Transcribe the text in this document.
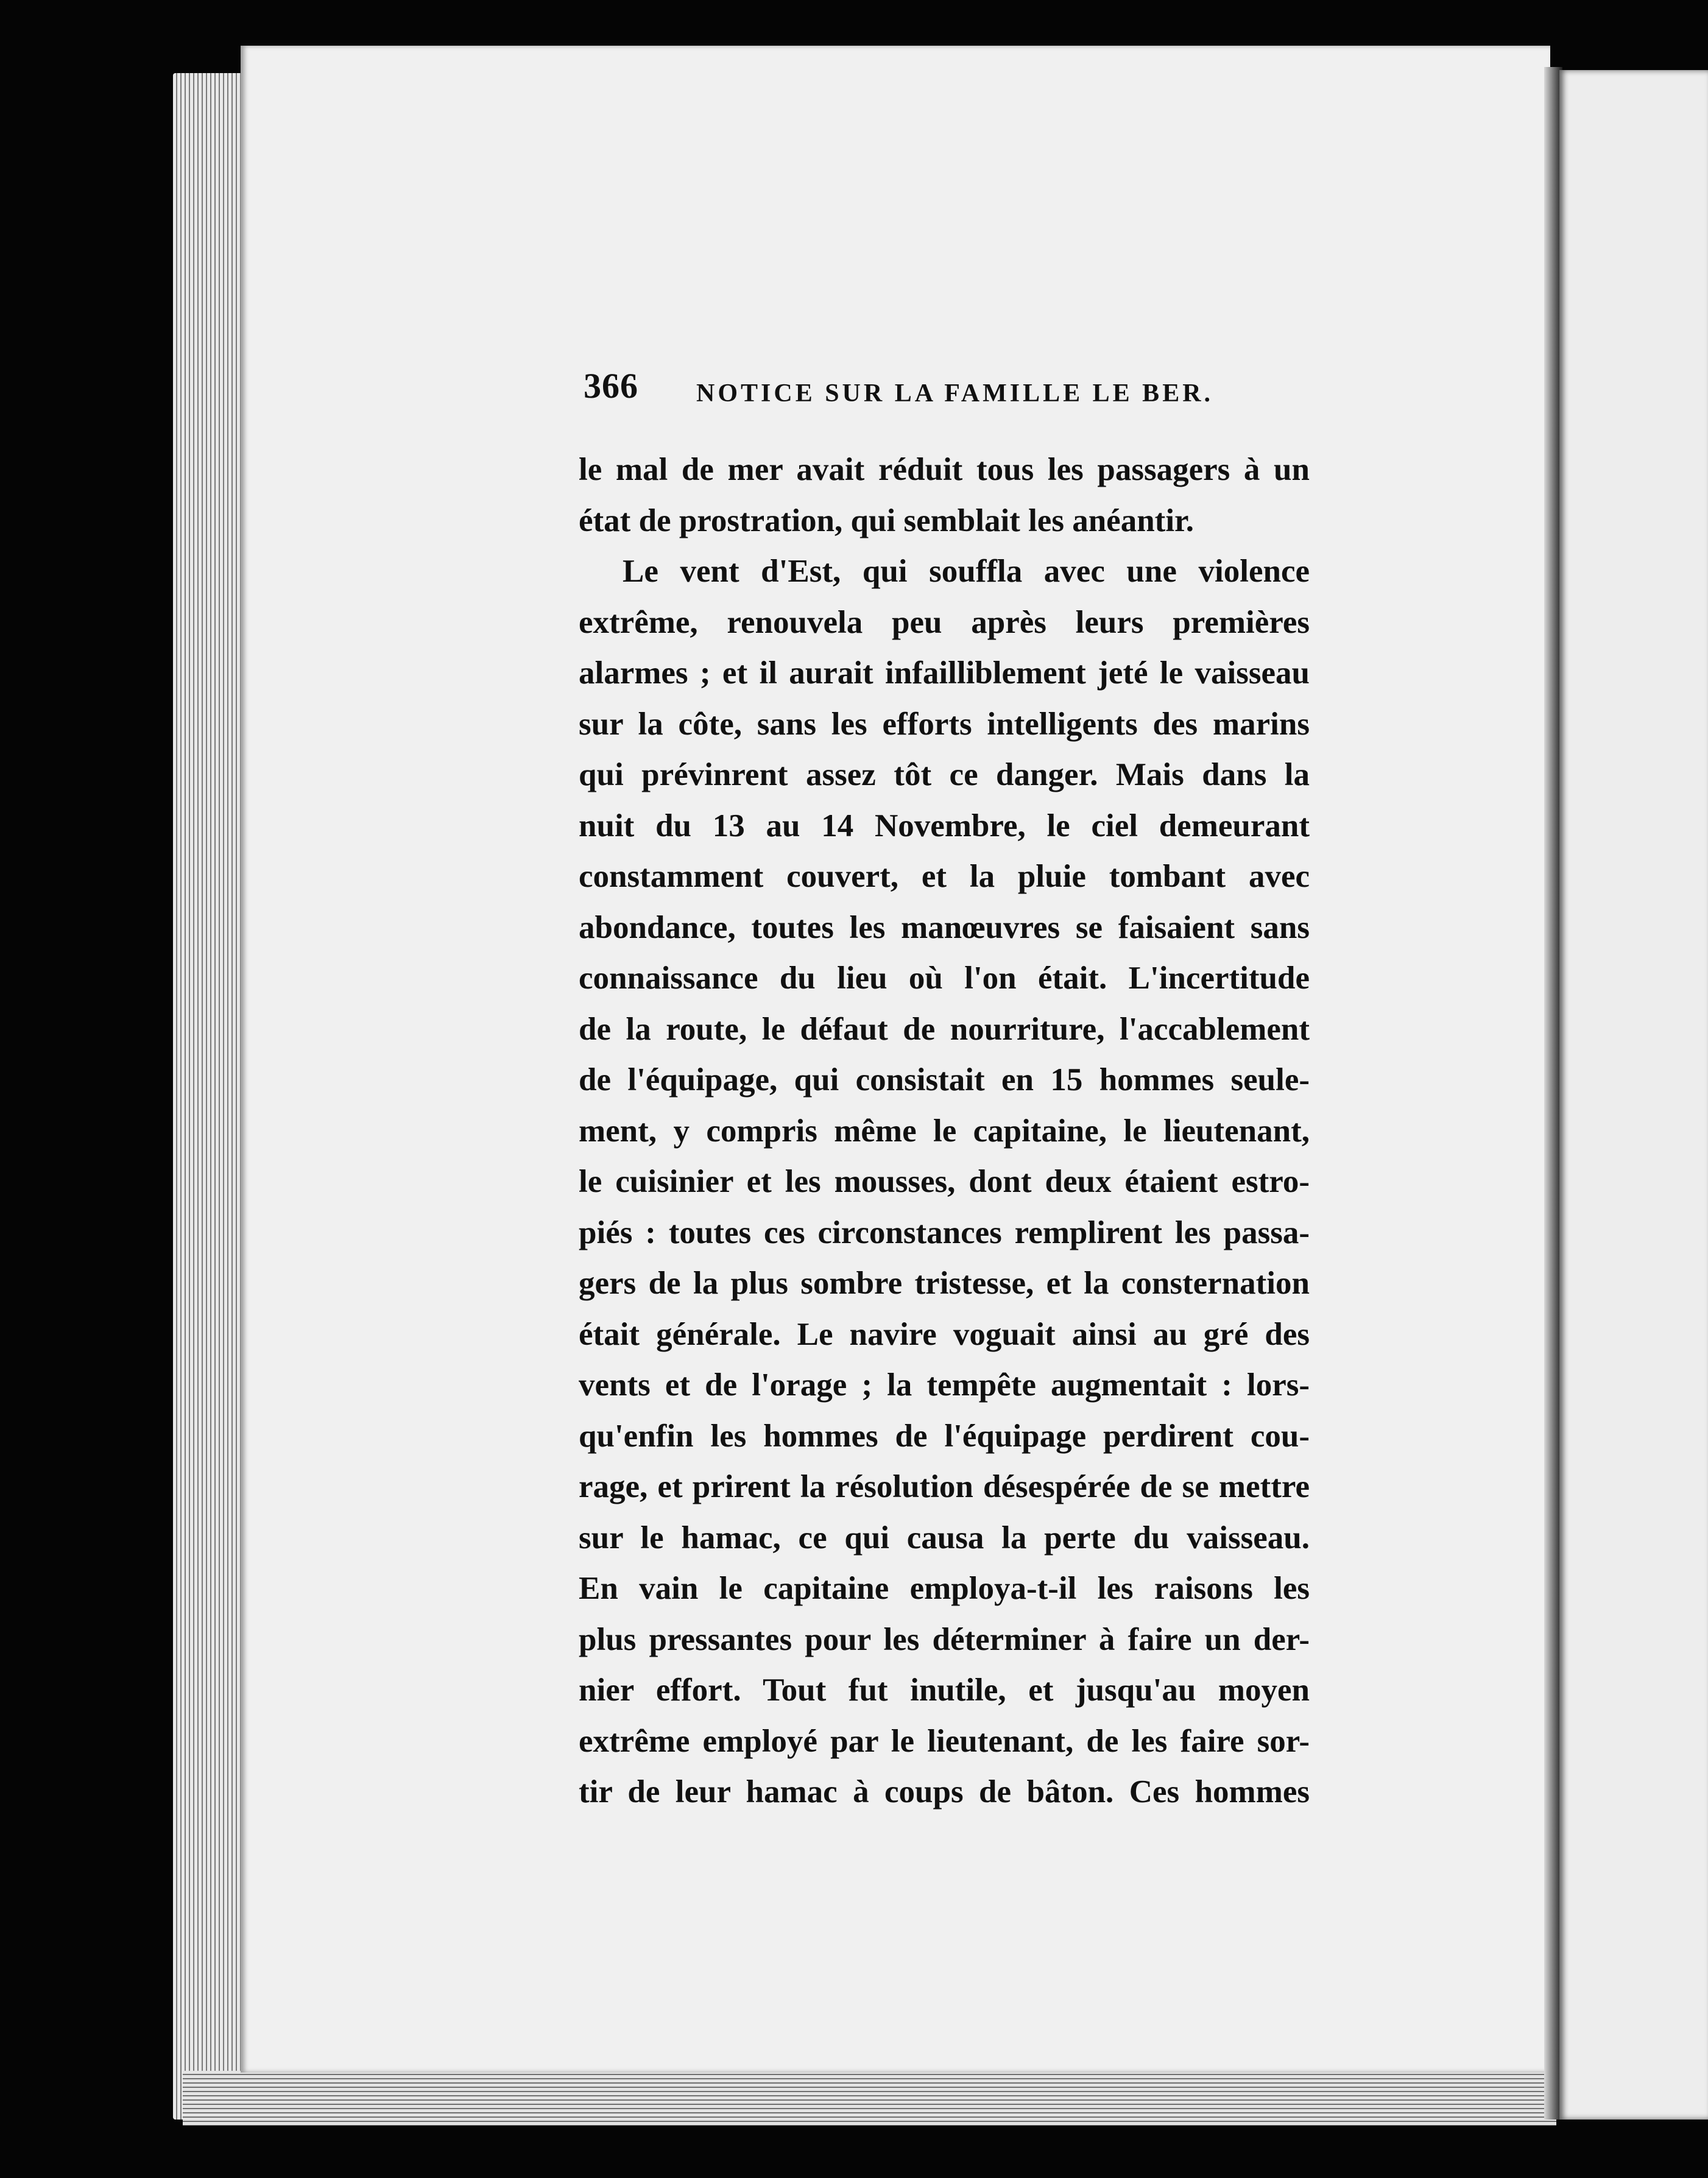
366 NOTICE SUR LA FAMILLE LE BER.
le mal de mer avait réduit tous les passagers à un
état de prostration, qui semblait les anéantir.
Le vent d'Est, qui souffla avec une violence
extrême, renouvela peu après leurs premières
alarmes ; et il aurait infailliblement jeté le vaisseau
sur la côte, sans les efforts intelligents des marins
qui prévinrent assez tôt ce danger. Mais dans la
nuit du 13 au 14 Novembre, le ciel demeurant
constamment couvert, et la pluie tombant avec
abondance, toutes les manœuvres se faisaient sans
connaissance du lieu où l'on était. L'incertitude
de la route, le défaut de nourriture, l'accablement
de l'équipage, qui consistait en 15 hommes seule-
ment, y compris même le capitaine, le lieutenant,
le cuisinier et les mousses, dont deux étaient estro-
piés : toutes ces circonstances remplirent les passa-
gers de la plus sombre tristesse, et la consternation
était générale. Le navire voguait ainsi au gré des
vents et de l'orage ; la tempête augmentait : lors-
qu'enfin les hommes de l'équipage perdirent cou-
rage, et prirent la résolution désespérée de se mettre
sur le hamac, ce qui causa la perte du vaisseau.
En vain le capitaine employa-t-il les raisons les
plus pressantes pour les déterminer à faire un der-
nier effort. Tout fut inutile, et jusqu'au moyen
extrême employé par le lieutenant, de les faire sor-
tir de leur hamac à coups de bâton. Ces hommes
